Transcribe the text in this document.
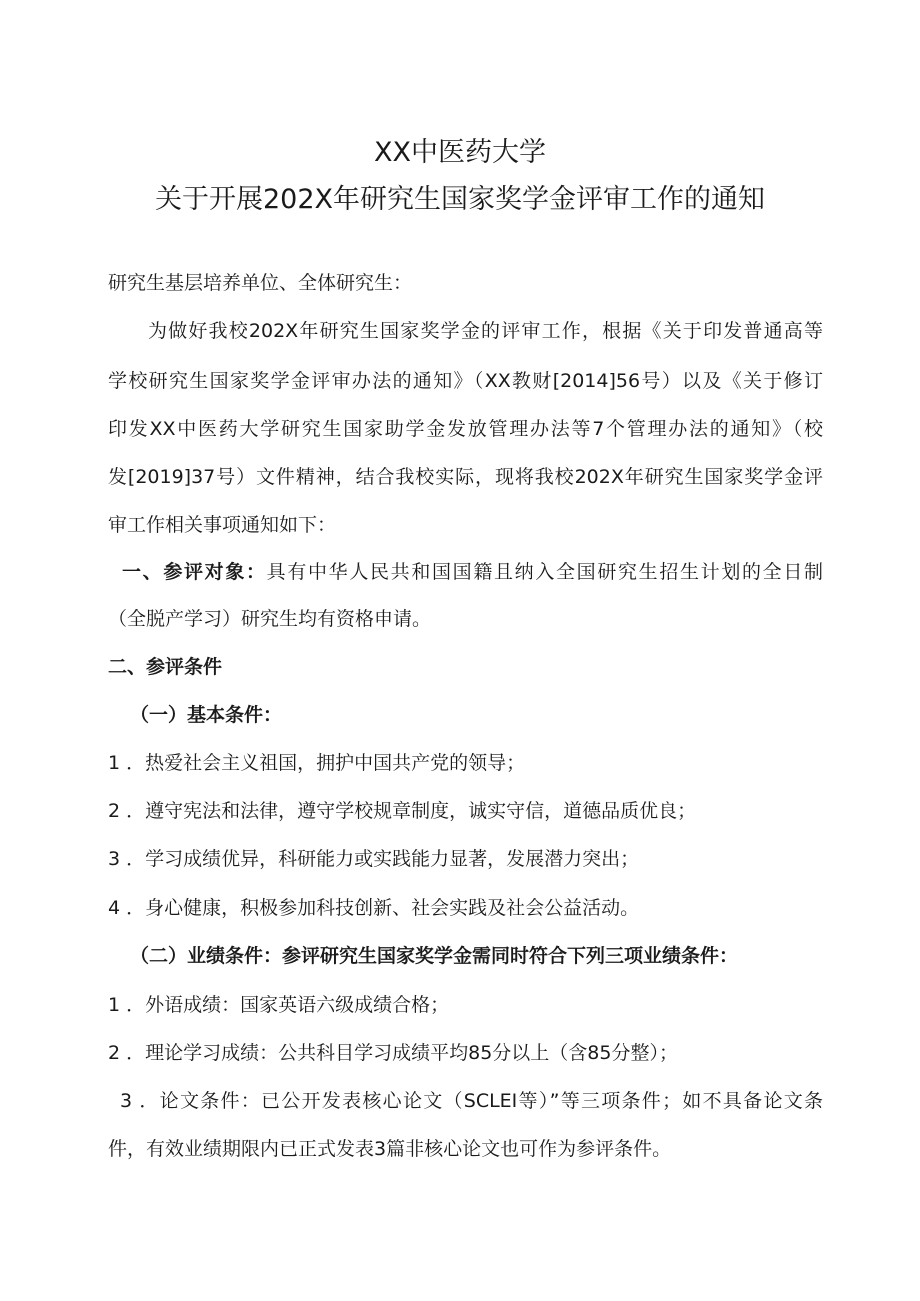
XX中医药大学
关于开展202X年研究生国家奖学金评审工作的通知
研究生基层培养单位、全体研究生：
为做好我校202X年研究生国家奖学金的评审工作，根据《关于印发普通高等
学校研究生国家奖学金评审办法的通知》（XX教财[2014]56号）以及《关于修订
印发XX中医药大学研究生国家助学金发放管理办法等7个管理办法的通知》（校
发[2019]37号）文件精神，结合我校实际，现将我校202X年研究生国家奖学金评
审工作相关事项通知如下：
一、参评对象：具有中华人民共和国国籍且纳入全国研究生招生计划的全日制
（全脱产学习）研究生均有资格申请。
二、参评条件
（一）基本条件：
1 ．热爱社会主义祖国，拥护中国共产党的领导；
2 ．遵守宪法和法律，遵守学校规章制度，诚实守信，道德品质优良；
3 ．学习成绩优异，科研能力或实践能力显著，发展潜力突出；
4 ．身心健康，积极参加科技创新、社会实践及社会公益活动。
（二）业绩条件：参评研究生国家奖学金需同时符合下列三项业绩条件：
1 ．外语成绩：国家英语六级成绩合格；
2 ．理论学习成绩：公共科目学习成绩平均85分以上（含85分整）；
3 ．论文条件：已公开发表核心论文（SCLEI等）”等三项条件；如不具备论文条
件，有效业绩期限内已正式发表3篇非核心论文也可作为参评条件。
